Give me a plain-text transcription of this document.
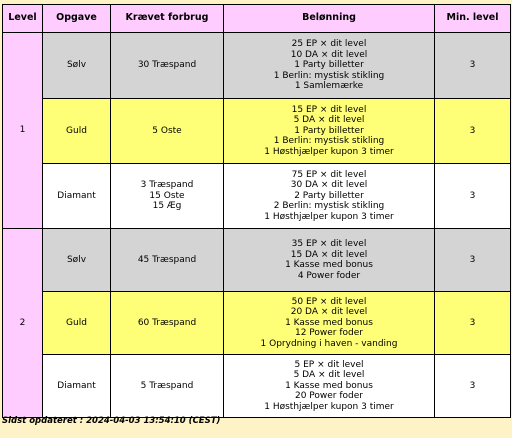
Level	Opgave	Krævet forbrug	Belønning	Min. level
1	Sølv	30 Træspand	25 EP × dit level
10 DA × dit level
1 Party billetter
1 Berlin: mystisk stikling
1 Samlemærke	3
	Guld	5 Oste	15 EP × dit level
5 DA × dit level
1 Party billetter
1 Berlin: mystisk stikling
1 Høsthjælper kupon 3 timer	3
	Diamant	3 Træspand
15 Oste
15 Æg	75 EP × dit level
30 DA × dit level
2 Party billetter
2 Berlin: mystisk stikling
1 Høsthjælper kupon 3 timer	3
2	Sølv	45 Træspand	35 EP × dit level
15 DA × dit level
1 Kasse med bonus
4 Power foder	3
	Guld	60 Træspand	50 EP × dit level
20 DA × dit level
1 Kasse med bonus
12 Power foder
1 Oprydning i haven - vanding	3
	Diamant	5 Træspand	5 EP × dit level
5 DA × dit level
1 Kasse med bonus
20 Power foder
1 Høsthjælper kupon 3 timer	3
Sidst opdateret : 2024-04-03 13:54:10 (CEST)
